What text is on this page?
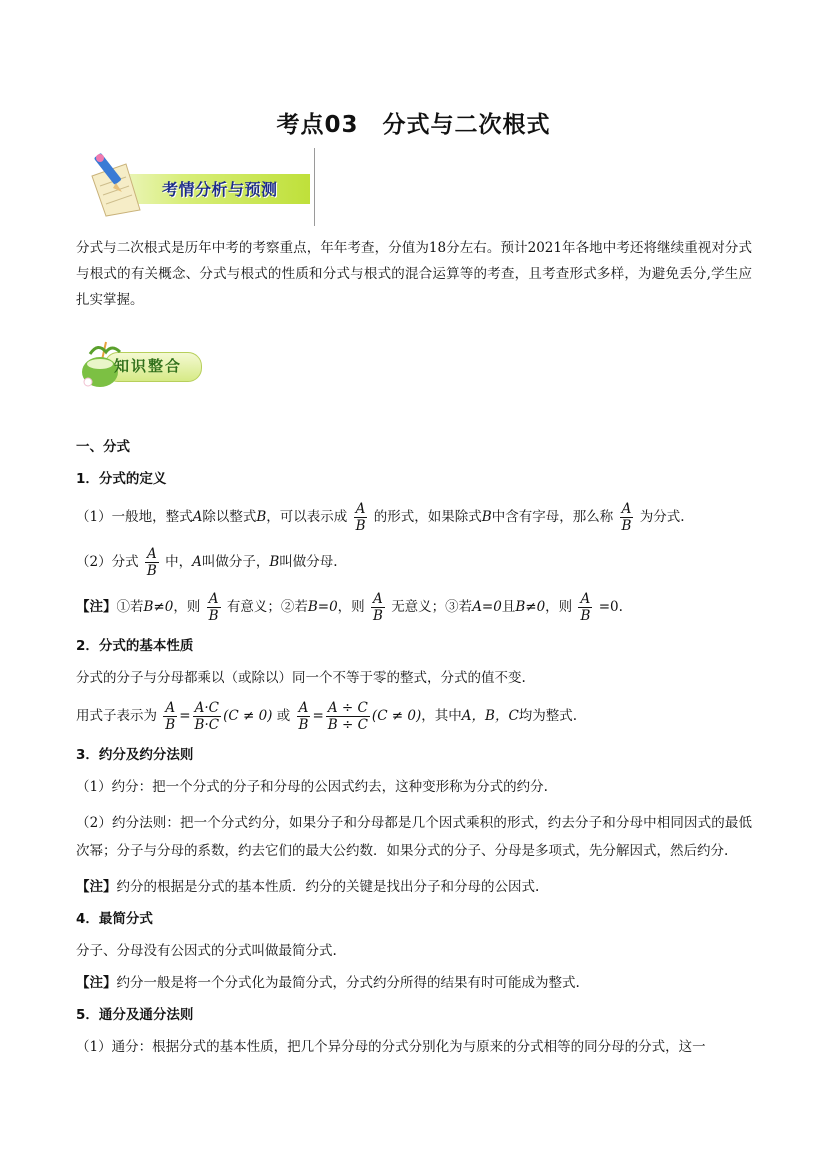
考点03　分式与二次根式
考情分析与预测
知识整合

分式与二次根式是历年中考的考察重点，年年考查，分值为18分左右。预计2021年各地中考还将继续重视对分式与根式的有关概念、分式与根式的性质和分式与根式的混合运算等的考查，且考查形式多样，为避免丢分,学生应扎实掌握。

一、分式

1．分式的定义

（1）一般地，整式A除以整式B，可以表示成 $\frac{A}{B}$ 的形式，如果除式B中含有字母，那么称 $\frac{A}{B}$ 为分式.

（2）分式 $\frac{A}{B}$ 中，A叫做分子，B叫做分母.

【注】①若B≠0，则 $\frac{A}{B}$ 有意义；②若B=0，则 $\frac{A}{B}$ 无意义；③若A=0且B≠0，则 $\frac{A}{B} =0$.

2．分式的基本性质

分式的分子与分母都乘以（或除以）同一个不等于零的整式，分式的值不变.

用式子表示为 $\frac{A}{B} = \frac{A\cdot C}{B\cdot C} (C \ne 0)$ 或 $\frac{A}{B} = \frac{A \div C}{B \div C} (C \ne 0)$，其中A，B，C均为整式.

3．约分及约分法则

（1）约分：把一个分式的分子和分母的公因式约去，这种变形称为分式的约分.

（2）约分法则：把一个分式约分，如果分子和分母都是几个因式乘积的形式，约去分子和分母中相同因式的最低次幂；分子与分母的系数，约去它们的最大公约数．如果分式的分子、分母是多项式，先分解因式，然后约分.

【注】约分的根据是分式的基本性质．约分的关键是找出分子和分母的公因式.

4．最简分式

分子、分母没有公因式的分式叫做最简分式.

【注】约分一般是将一个分式化为最简分式，分式约分所得的结果有时可能成为整式.

5．通分及通分法则

（1）通分：根据分式的基本性质，把几个异分母的分式分别化为与原来的分式相等的同分母的分式，这一
